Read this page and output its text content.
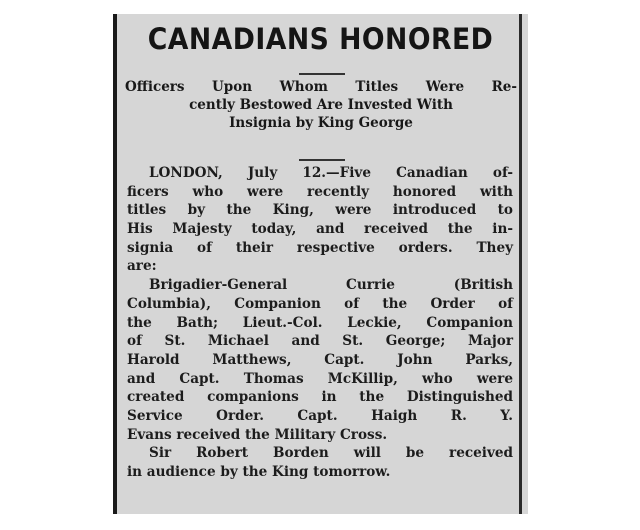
CANADIANS HONORED
Officers Upon Whom Titles Were Re-
cently Bestowed Are Invested With
Insignia by King George
LONDON, July 12.—Five Canadian of-
ficers who were recently honored with
titles by the King, were introduced to
His Majesty today, and received the in-
signia of their respective orders. They
are:
Brigadier-General Currie (British
Columbia), Companion of the Order of
the Bath; Lieut.-Col. Leckie, Companion
of St. Michael and St. George; Major
Harold Matthews, Capt. John Parks,
and Capt. Thomas McKillip, who were
created companions in the Distinguished
Service Order. Capt. Haigh R. Y.
Evans received the Military Cross.
Sir Robert Borden will be received
in audience by the King tomorrow.
